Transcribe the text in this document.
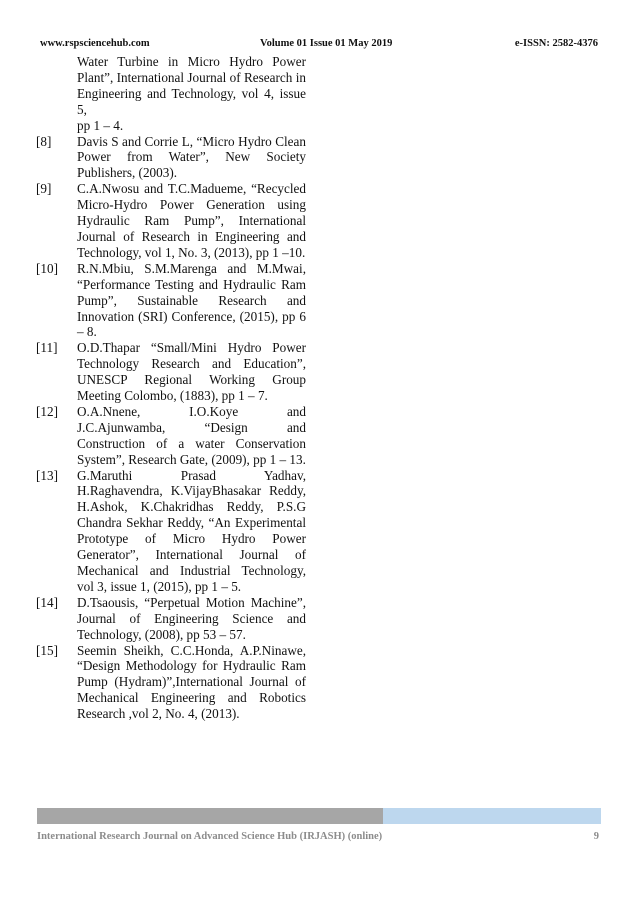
www.rspsciencehub.com	Volume 01 Issue 01 May 2019	e-ISSN: 2582-4376
Water Turbine in Micro Hydro Power
Plant”, International Journal of Research in
Engineering and Technology, vol 4, issue 5,
pp 1 – 4.
[8] Davis S and Corrie L, “Micro Hydro Clean
Power from Water”, New Society
Publishers, (2003).
[9] C.A.Nwosu and T.C.Madueme, “Recycled
Micro-Hydro Power Generation using
Hydraulic Ram Pump”, International
Journal of Research in Engineering and
Technology, vol 1, No. 3, (2013), pp 1 –10.
[10] R.N.Mbiu, S.M.Marenga and M.Mwai,
“Performance Testing and Hydraulic Ram
Pump”, Sustainable Research and
Innovation (SRI) Conference, (2015), pp 6
– 8.
[11] O.D.Thapar “Small/Mini Hydro Power
Technology Research and Education”,
UNESCP Regional Working Group
Meeting Colombo, (1883), pp 1 – 7.
[12] O.A.Nnene, I.O.Koye and
J.C.Ajunwamba, “Design and
Construction of a water Conservation
System”, Research Gate, (2009), pp 1 – 13.
[13] G.Maruthi Prasad Yadhav,
H.Raghavendra, K.VijayBhasakar Reddy,
H.Ashok, K.Chakridhas Reddy, P.S.G
Chandra Sekhar Reddy, “An Experimental
Prototype of Micro Hydro Power
Generator”, International Journal of
Mechanical and Industrial Technology,
vol 3, issue 1, (2015), pp 1 – 5.
[14] D.Tsaousis, “Perpetual Motion Machine”,
Journal of Engineering Science and
Technology, (2008), pp 53 – 57.
[15] Seemin Sheikh, C.C.Honda, A.P.Ninawe,
“Design Methodology for Hydraulic Ram
Pump (Hydram)”,International Journal of
Mechanical Engineering and Robotics
Research ,vol 2, No. 4, (2013).
International Research Journal on Advanced Science Hub (IRJASH) (online)	9
